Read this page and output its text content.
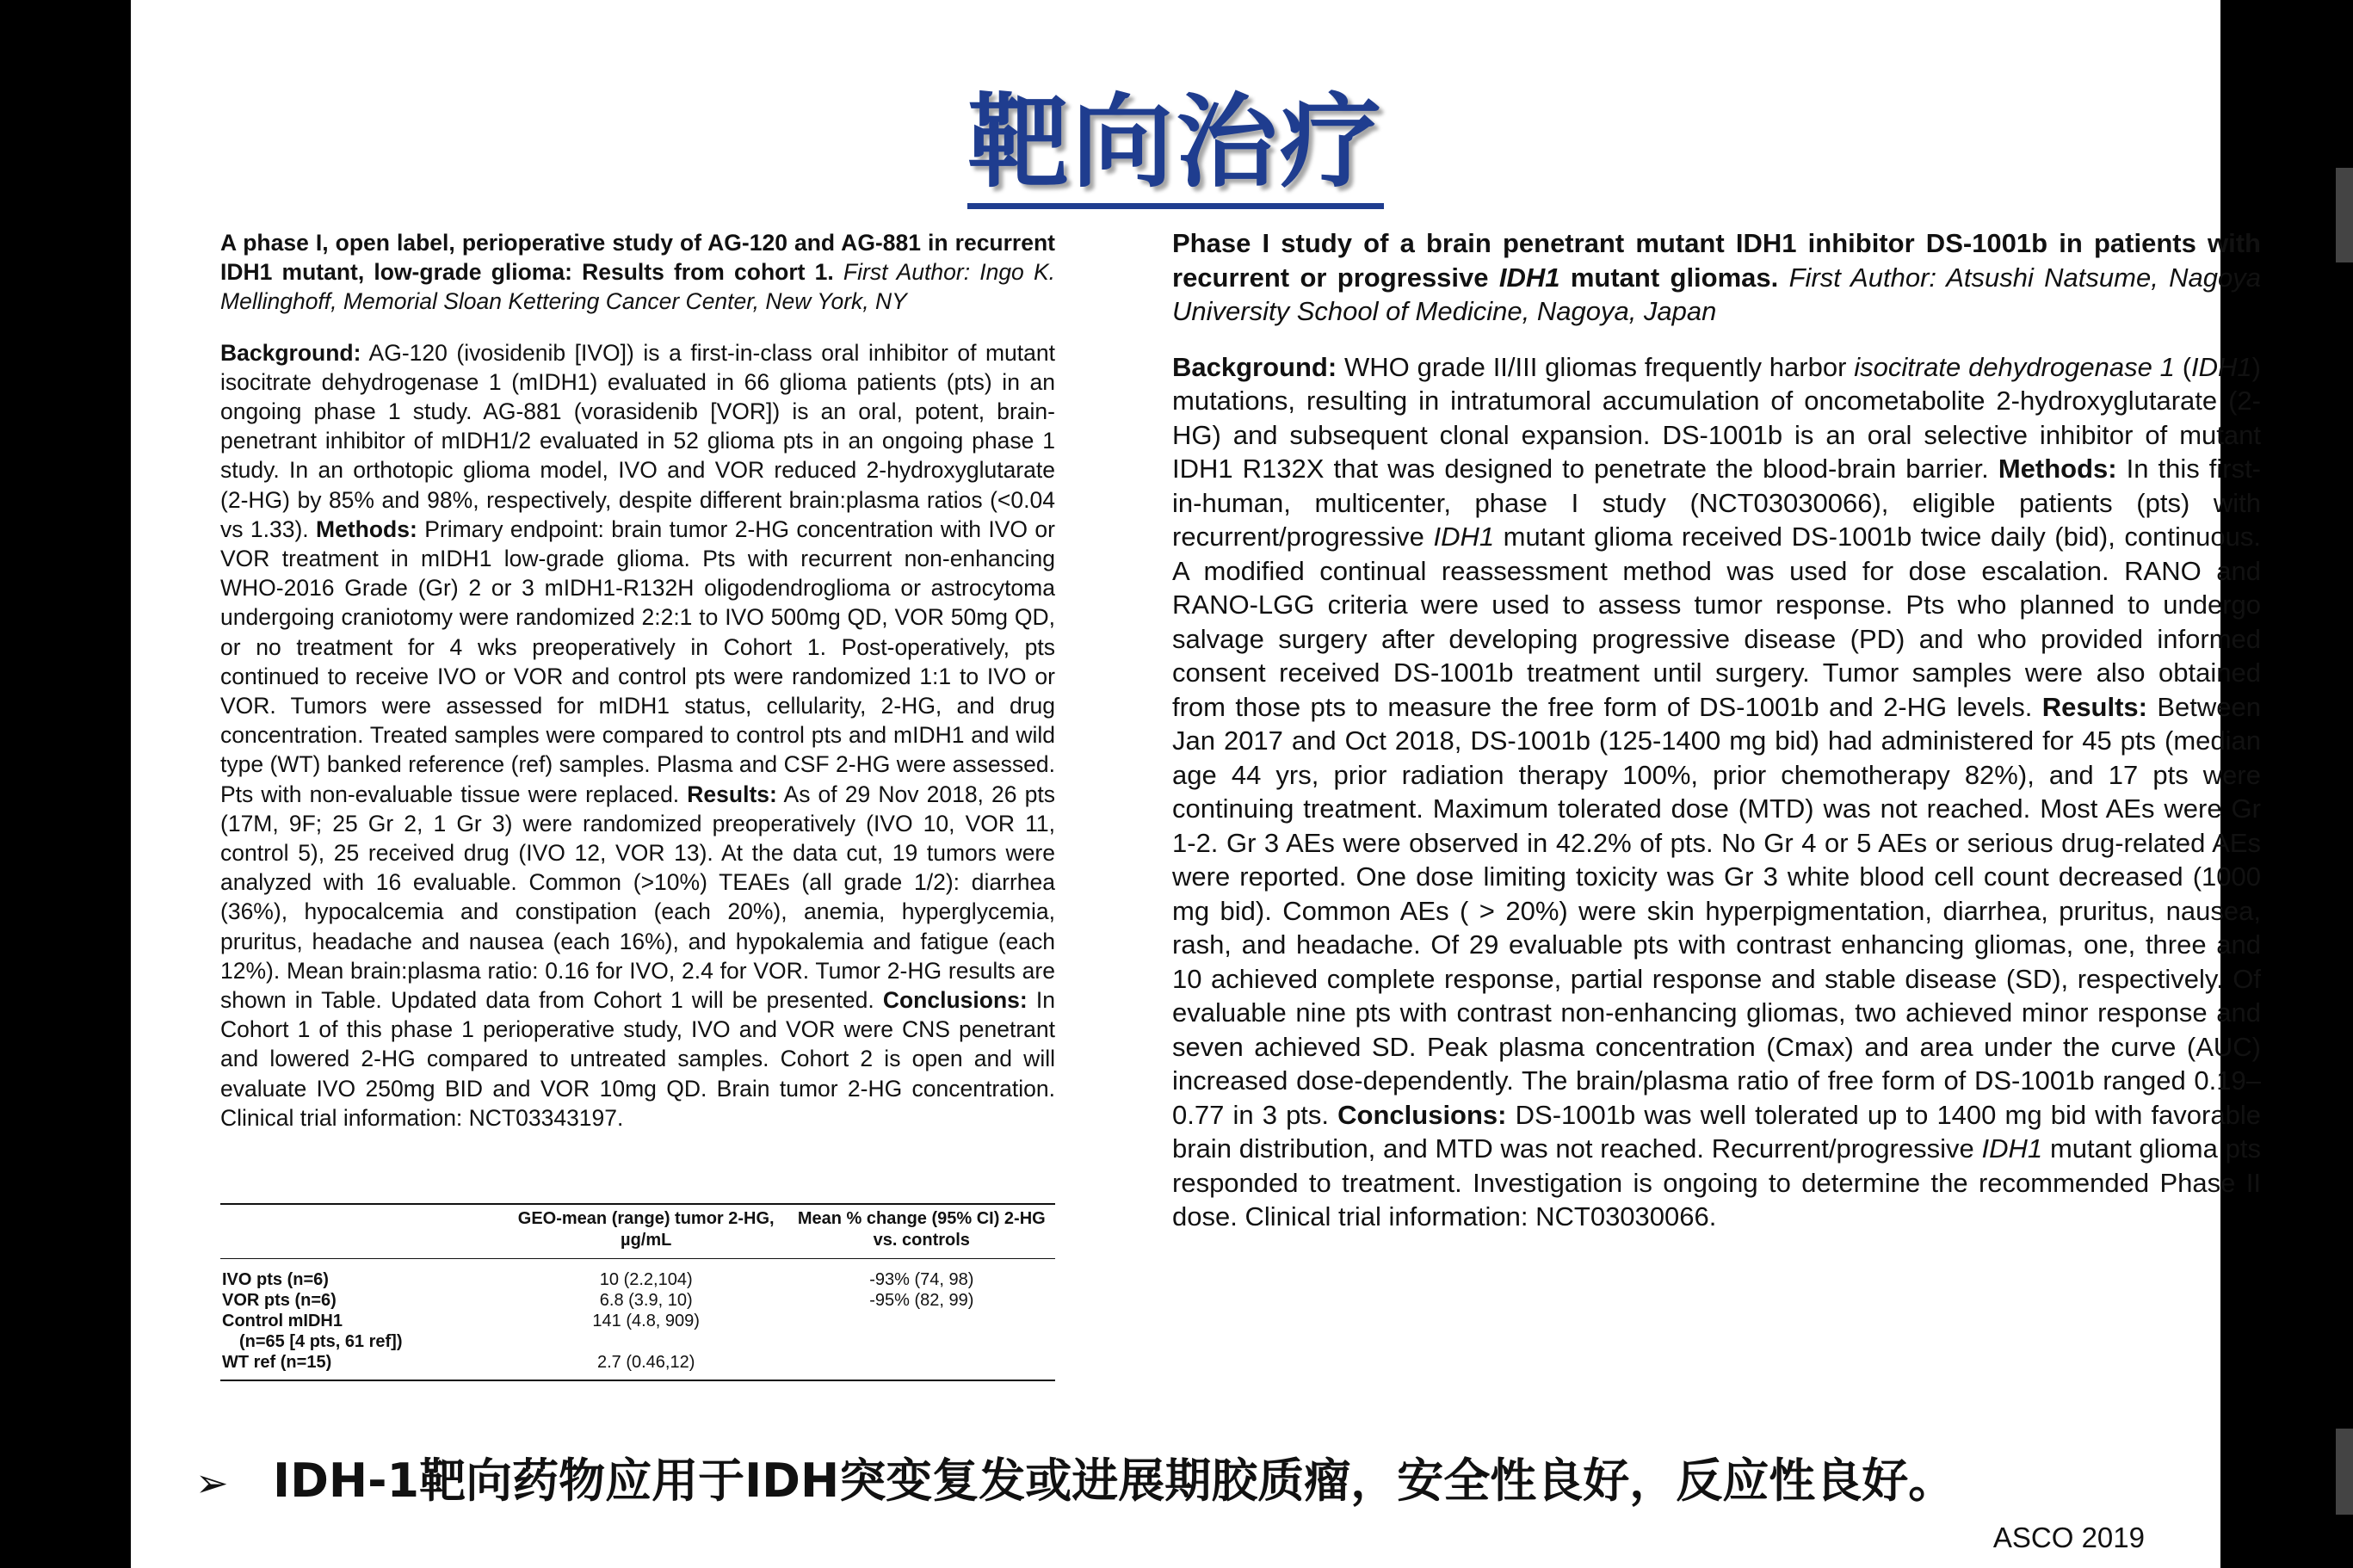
靶向治疗

A phase I, open label, perioperative study of AG-120 and AG-881 in recurrent IDH1 mutant, low-grade glioma: Results from cohort 1. First Author: Ingo K. Mellinghoff, Memorial Sloan Kettering Cancer Center, New York, NY

Background: AG-120 (ivosidenib [IVO]) is a first-in-class oral inhibitor of mutant isocitrate dehydrogenase 1 (mIDH1) evaluated in 66 glioma patients (pts) in an ongoing phase 1 study. AG-881 (vorasidenib [VOR]) is an oral, potent, brain-penetrant inhibitor of mIDH1/2 evaluated in 52 glioma pts in an ongoing phase 1 study. In an orthotopic glioma model, IVO and VOR reduced 2-hydroxyglutarate (2-HG) by 85% and 98%, respectively, despite different brain:plasma ratios (<0.04 vs 1.33). Methods: Primary endpoint: brain tumor 2-HG concentration with IVO or VOR treatment in mIDH1 low-grade glioma. Pts with recurrent non-enhancing WHO-2016 Grade (Gr) 2 or 3 mIDH1-R132H oligodendroglioma or astrocytoma undergoing craniotomy were randomized 2:2:1 to IVO 500mg QD, VOR 50mg QD, or no treatment for 4 wks preoperatively in Cohort 1. Post-operatively, pts continued to receive IVO or VOR and control pts were randomized 1:1 to IVO or VOR. Tumors were assessed for mIDH1 status, cellularity, 2-HG, and drug concentration. Treated samples were compared to control pts and mIDH1 and wild type (WT) banked reference (ref) samples. Plasma and CSF 2-HG were assessed. Pts with non-evaluable tissue were replaced. Results: As of 29 Nov 2018, 26 pts (17M, 9F; 25 Gr 2, 1 Gr 3) were randomized preoperatively (IVO 10, VOR 11, control 5), 25 received drug (IVO 12, VOR 13). At the data cut, 19 tumors were analyzed with 16 evaluable. Common (>10%) TEAEs (all grade 1/2): diarrhea (36%), hypocalcemia and constipation (each 20%), anemia, hyperglycemia, pruritus, headache and nausea (each 16%), and hypokalemia and fatigue (each 12%). Mean brain:plasma ratio: 0.16 for IVO, 2.4 for VOR. Tumor 2-HG results are shown in Table. Updated data from Cohort 1 will be presented. Conclusions: In Cohort 1 of this phase 1 perioperative study, IVO and VOR were CNS penetrant and lowered 2-HG compared to untreated samples. Cohort 2 is open and will evaluate IVO 250mg BID and VOR 10mg QD. Brain tumor 2-HG concentration. Clinical trial information: NCT03343197.

	GEO-mean (range) tumor 2-HG, µg/mL	Mean % change (95% CI) 2-HG vs. controls
IVO pts (n=6)	10 (2.2,104)	-93% (74, 98)
VOR pts (n=6)	6.8 (3.9, 10)	-95% (82, 99)
Control mIDH1	141 (4.8, 909)	
(n=65 [4 pts, 61 ref])		
WT ref (n=15)	2.7 (0.46,12)	

Phase I study of a brain penetrant mutant IDH1 inhibitor DS-1001b in patients with recurrent or progressive IDH1 mutant gliomas. First Author: Atsushi Natsume, Nagoya University School of Medicine, Nagoya, Japan

Background: WHO grade II/III gliomas frequently harbor isocitrate dehydrogenase 1 (IDH1) mutations, resulting in intratumoral accumulation of oncometabolite 2-hydroxyglutarate (2-HG) and subsequent clonal expansion. DS-1001b is an oral selective inhibitor of mutant IDH1 R132X that was designed to penetrate the blood-brain barrier. Methods: In this first-in-human, multicenter, phase I study (NCT03030066), eligible patients (pts) with recurrent/progressive IDH1 mutant glioma received DS-1001b twice daily (bid), continuous. A modified continual reassessment method was used for dose escalation. RANO and RANO-LGG criteria were used to assess tumor response. Pts who planned to undergo salvage surgery after developing progressive disease (PD) and who provided informed consent received DS-1001b treatment until surgery. Tumor samples were also obtained from those pts to measure the free form of DS-1001b and 2-HG levels. Results: Between Jan 2017 and Oct 2018, DS-1001b (125-1400 mg bid) had administered for 45 pts (median age 44 yrs, prior radiation therapy 100%, prior chemotherapy 82%), and 17 pts were continuing treatment. Maximum tolerated dose (MTD) was not reached. Most AEs were Gr 1-2. Gr 3 AEs were observed in 42.2% of pts. No Gr 4 or 5 AEs or serious drug-related AEs were reported. One dose limiting toxicity was Gr 3 white blood cell count decreased (1000 mg bid). Common AEs ( > 20%) were skin hyperpigmentation, diarrhea, pruritus, nausea, rash, and headache. Of 29 evaluable pts with contrast enhancing gliomas, one, three and 10 achieved complete response, partial response and stable disease (SD), respectively. Of evaluable nine pts with contrast non-enhancing gliomas, two achieved minor response and seven achieved SD. Peak plasma concentration (Cmax) and area under the curve (AUC) increased dose-dependently. The brain/plasma ratio of free form of DS-1001b ranged 0.19–0.77 in 3 pts. Conclusions: DS-1001b was well tolerated up to 1400 mg bid with favorable brain distribution, and MTD was not reached. Recurrent/progressive IDH1 mutant glioma pts responded to treatment. Investigation is ongoing to determine the recommended Phase II dose. Clinical trial information: NCT03030066.

➢ IDH-1靶向药物应用于IDH突变复发或进展期胶质瘤，安全性良好，反应性良好。
ASCO 2019
